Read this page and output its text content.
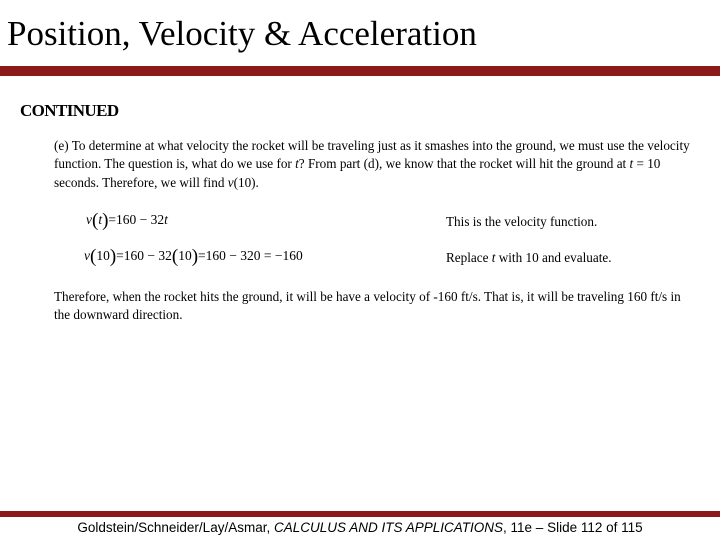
Position, Velocity & Acceleration
CONTINUED
(e) To determine at what velocity the rocket will be traveling just as it smashes into the ground, we must use the velocity function. The question is, what do we use for t? From part (d), we know that the rocket will hit the ground at t = 10 seconds. Therefore, we will find v(10).
v(t)=160 − 32t	This is the velocity function.
v(10)=160 − 32(10)=160 − 320 = −160	Replace t with 10 and evaluate.
Therefore, when the rocket hits the ground, it will be have a velocity of -160 ft/s. That is, it will be traveling 160 ft/s in the downward direction.
Goldstein/Schneider/Lay/Asmar, CALCULUS AND ITS APPLICATIONS, 11e – Slide 112 of 115
